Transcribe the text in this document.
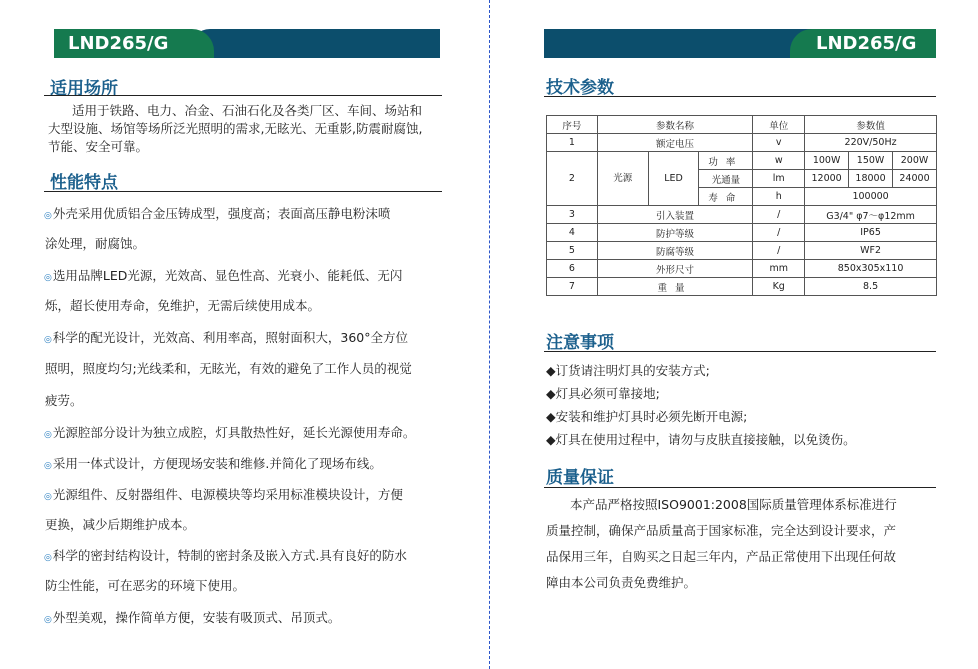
LND265/G
适用场所
适用于铁路、电力、冶金、石油石化及各类厂区、车间、场站和
大型设施、场馆等场所泛光照明的需求,无眩光、无重影,防震耐腐蚀,
节能、安全可靠。
性能特点
◎外壳采用优质铝合金压铸成型，强度高；表面高压静电粉沫喷
涂处理，耐腐蚀。
◎选用品牌LED光源，光效高、显色性高、光衰小、能耗低、无闪
烁，超长使用寿命，免维护，无需后续使用成本。
◎科学的配光设计，光效高、利用率高，照射面积大，360°全方位
照明，照度均匀;光线柔和，无眩光，有效的避免了工作人员的视觉
疲劳。
◎光源腔部分设计为独立成腔，灯具散热性好，延长光源使用寿命。
◎采用一体式设计，方便现场安装和维修.并简化了现场布线。
◎光源组件、反射器组件、电源模块等均采用标准模块设计，方便
更换，减少后期维护成本。
◎科学的密封结构设计，特制的密封条及嵌入方式.具有良好的防水
防尘性能，可在恶劣的环境下使用。
◎外型美观，操作简单方便，安装有吸顶式、吊顶式。
LND265/G
技术参数
序号	参数名称			单位	参数值		
1	额定电压			v	220V/50Hz		
2	光源	LED	功率	w	100W	150W	200W
			光通量	lm	12000	18000	24000
			寿命	h	100000		
3	引入装置			/	G3/4" φ7～φ12mm		
4	防护等级			/	IP65		
5	防腐等级			/	WF2		
6	外形尺寸			mm	850x305x110		
7	重量			Kg	8.5		
注意事项
◆订货请注明灯具的安装方式;
◆灯具必须可靠接地;
◆安装和维护灯具时必须先断开电源;
◆灯具在使用过程中，请勿与皮肤直接接触，以免烫伤。
质量保证
本产品严格按照ISO9001:2008国际质量管理体系标准进行
质量控制，确保产品质量高于国家标准，完全达到设计要求，产
品保用三年，自购买之日起三年内，产品正常使用下出现任何故
障由本公司负责免费维护。
